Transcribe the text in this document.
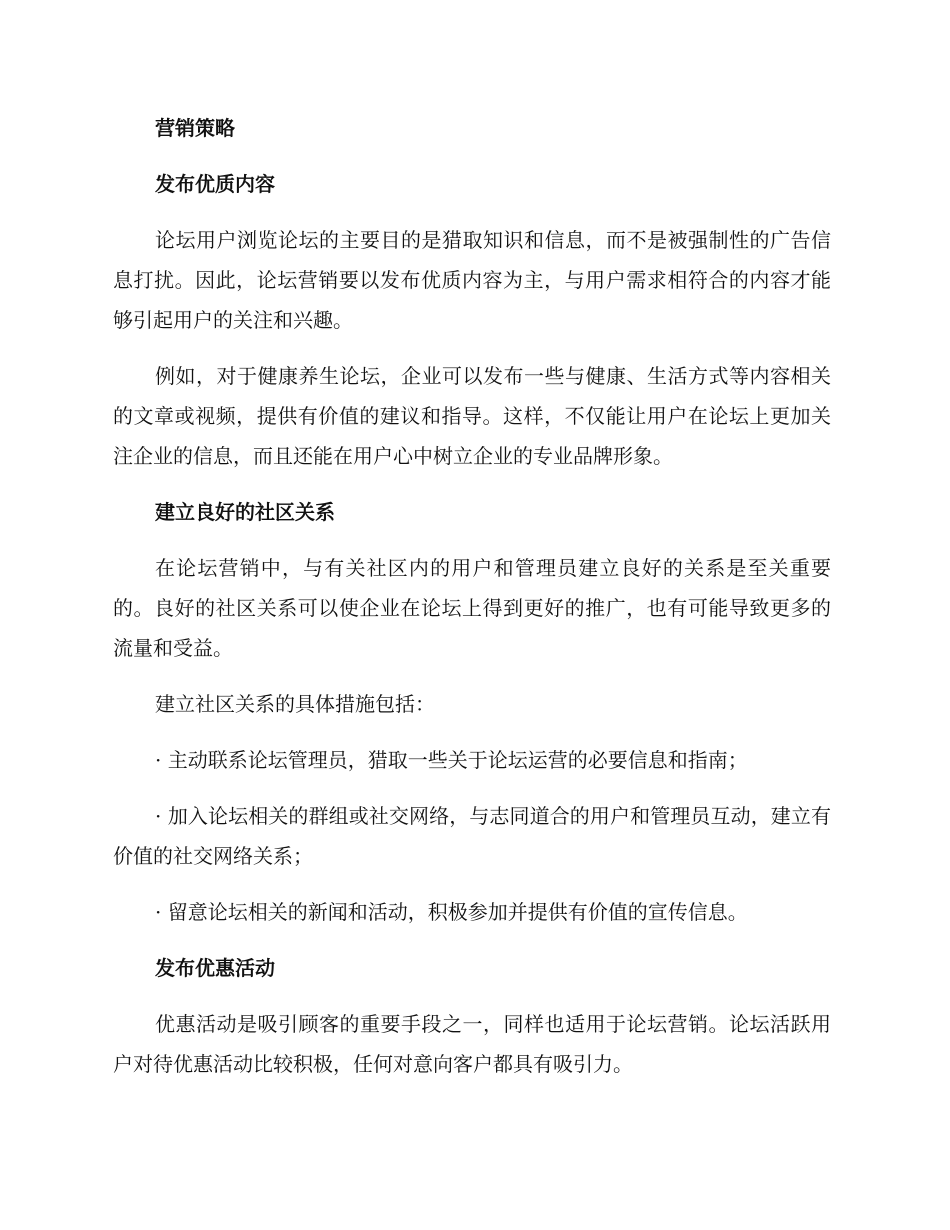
营销策略
发布优质内容

论坛用户浏览论坛的主要目的是猎取知识和信息，而不是被强制性的广告信息打扰。因此，论坛营销要以发布优质内容为主，与用户需求相符合的内容才能够引起用户的关注和兴趣。

例如，对于健康养生论坛，企业可以发布一些与健康、生活方式等内容相关的文章或视频，提供有价值的建议和指导。这样，不仅能让用户在论坛上更加关注企业的信息，而且还能在用户心中树立企业的专业品牌形象。

建立良好的社区关系

在论坛营销中，与有关社区内的用户和管理员建立良好的关系是至关重要的。良好的社区关系可以使企业在论坛上得到更好的推广，也有可能导致更多的流量和受益。

建立社区关系的具体措施包括：

· 主动联系论坛管理员，猎取一些关于论坛运营的必要信息和指南；

· 加入论坛相关的群组或社交网络，与志同道合的用户和管理员互动，建立有价值的社交网络关系；

· 留意论坛相关的新闻和活动，积极参加并提供有价值的宣传信息。

发布优惠活动

优惠活动是吸引顾客的重要手段之一，同样也适用于论坛营销。论坛活跃用户对待优惠活动比较积极，任何对意向客户都具有吸引力。
